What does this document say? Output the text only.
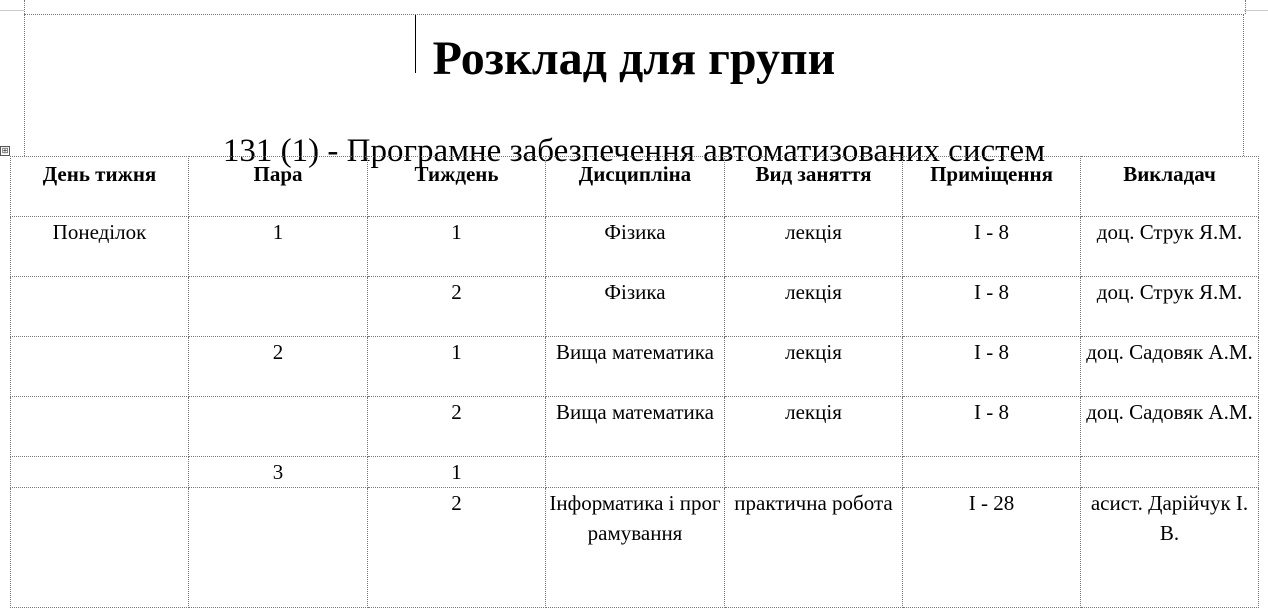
Розклад для групи
131 (1) - Програмне забезпечення автоматизованих систем
⊞
День тижня	Пара	Тиждень	Дисципліна	Вид заняття	Приміщення	Викладач
Понеділок	1	1	Фізика	лекція	I - 8	доц. Струк Я.М.
		2	Фізика	лекція	I - 8	доц. Струк Я.М.
	2	1	Вища математика	лекція	I - 8	доц. Садовяк А.М.
		2	Вища математика	лекція	I - 8	доц. Садовяк А.М.
	3	1				
		2	Інформатика і програмування	практична робота	I - 28	асист. Дарійчук І.В.
